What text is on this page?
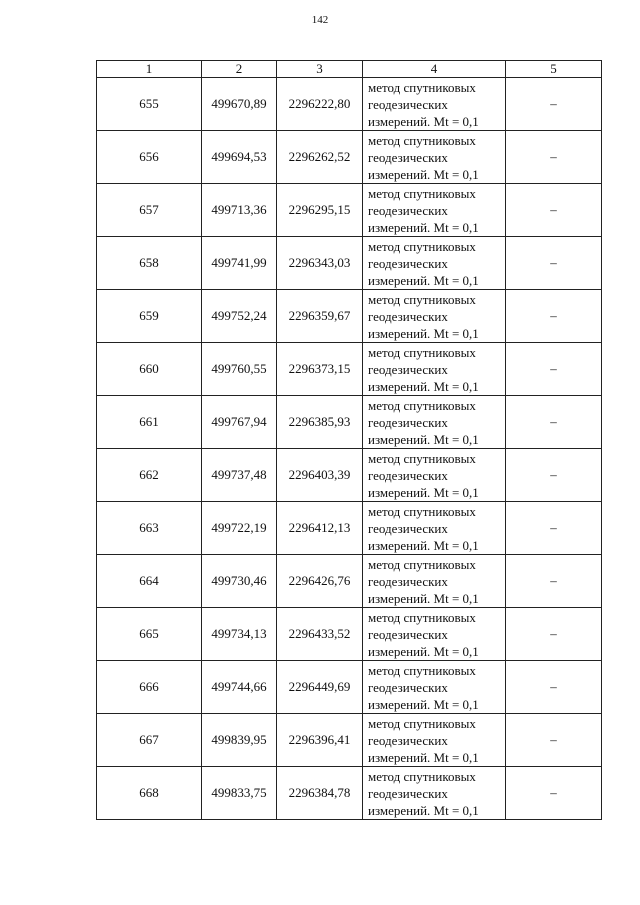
142
1	2	3	4	5
655	499670,89	2296222,80	метод спутниковых
геодезических
измерений. Mt = 0,1	–
656	499694,53	2296262,52	метод спутниковых
геодезических
измерений. Mt = 0,1	–
657	499713,36	2296295,15	метод спутниковых
геодезических
измерений. Mt = 0,1	–
658	499741,99	2296343,03	метод спутниковых
геодезических
измерений. Mt = 0,1	–
659	499752,24	2296359,67	метод спутниковых
геодезических
измерений. Mt = 0,1	–
660	499760,55	2296373,15	метод спутниковых
геодезических
измерений. Mt = 0,1	–
661	499767,94	2296385,93	метод спутниковых
геодезических
измерений. Mt = 0,1	–
662	499737,48	2296403,39	метод спутниковых
геодезических
измерений. Mt = 0,1	–
663	499722,19	2296412,13	метод спутниковых
геодезических
измерений. Mt = 0,1	–
664	499730,46	2296426,76	метод спутниковых
геодезических
измерений. Mt = 0,1	–
665	499734,13	2296433,52	метод спутниковых
геодезических
измерений. Mt = 0,1	–
666	499744,66	2296449,69	метод спутниковых
геодезических
измерений. Mt = 0,1	–
667	499839,95	2296396,41	метод спутниковых
геодезических
измерений. Mt = 0,1	–
668	499833,75	2296384,78	метод спутниковых
геодезических
измерений. Mt = 0,1	–
